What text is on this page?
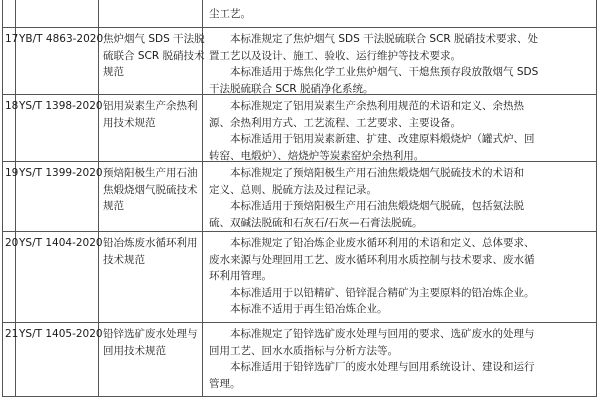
尘工艺。
17 YB/T 4863-2020 焦炉烟气 SDS 干法脱
硫联合 SCR 脱硝技术
规范
本标准规定了焦炉烟气 SDS 干法脱硫联合 SCR 脱硝技术要求、处
置工艺以及设计、施工、验收、运行维护等技术要求。
本标准适用于炼焦化学工业焦炉烟气、干熄焦预存段放散烟气 SDS
干法脱硫联合 SCR 脱硝净化系统。
18 YS/T 1398-2020 铝用炭素生产余热利
用技术规范
本标准规定了铝用炭素生产余热利用规范的术语和定义、余热热
源、余热利用方式、工艺流程、工艺要求、主要设备。
本标准适用于铝用炭素新建、扩建、改建原料煅烧炉（罐式炉、回
转窑、电煅炉）、焙烧炉等炭素窑炉余热利用。
19 YS/T 1399-2020 预焙阳极生产用石油
焦煅烧烟气脱硫技术
规范
本标准规定了预焙阳极生产用石油焦煅烧烟气脱硫技术的术语和
定义、总则、脱硫方法及过程记录。
本标准适用于预焙阳极生产用石油焦煅烧烟气脱硫，包括氨法脱
硫、双碱法脱硫和石灰石/石灰—石膏法脱硫。
20 YS/T 1404-2020 铅冶炼废水循环利用
技术规范
本标准规定了铅冶炼企业废水循环利用的术语和定义、总体要求、
废水来源与处理回用工艺、废水循环利用水质控制与技术要求、废水循
环利用管理。
本标准适用于以铅精矿、铅锌混合精矿为主要原料的铅冶炼企业。
本标准不适用于再生铅冶炼企业。
21 YS/T 1405-2020 铅锌选矿废水处理与
回用技术规范
本标准规定了铅锌选矿废水处理与回用的要求、选矿废水的处理与
回用工艺、回水水质指标与分析方法等。
本标准适用于铅锌选矿厂的废水处理与回用系统设计、建设和运行
管理。
